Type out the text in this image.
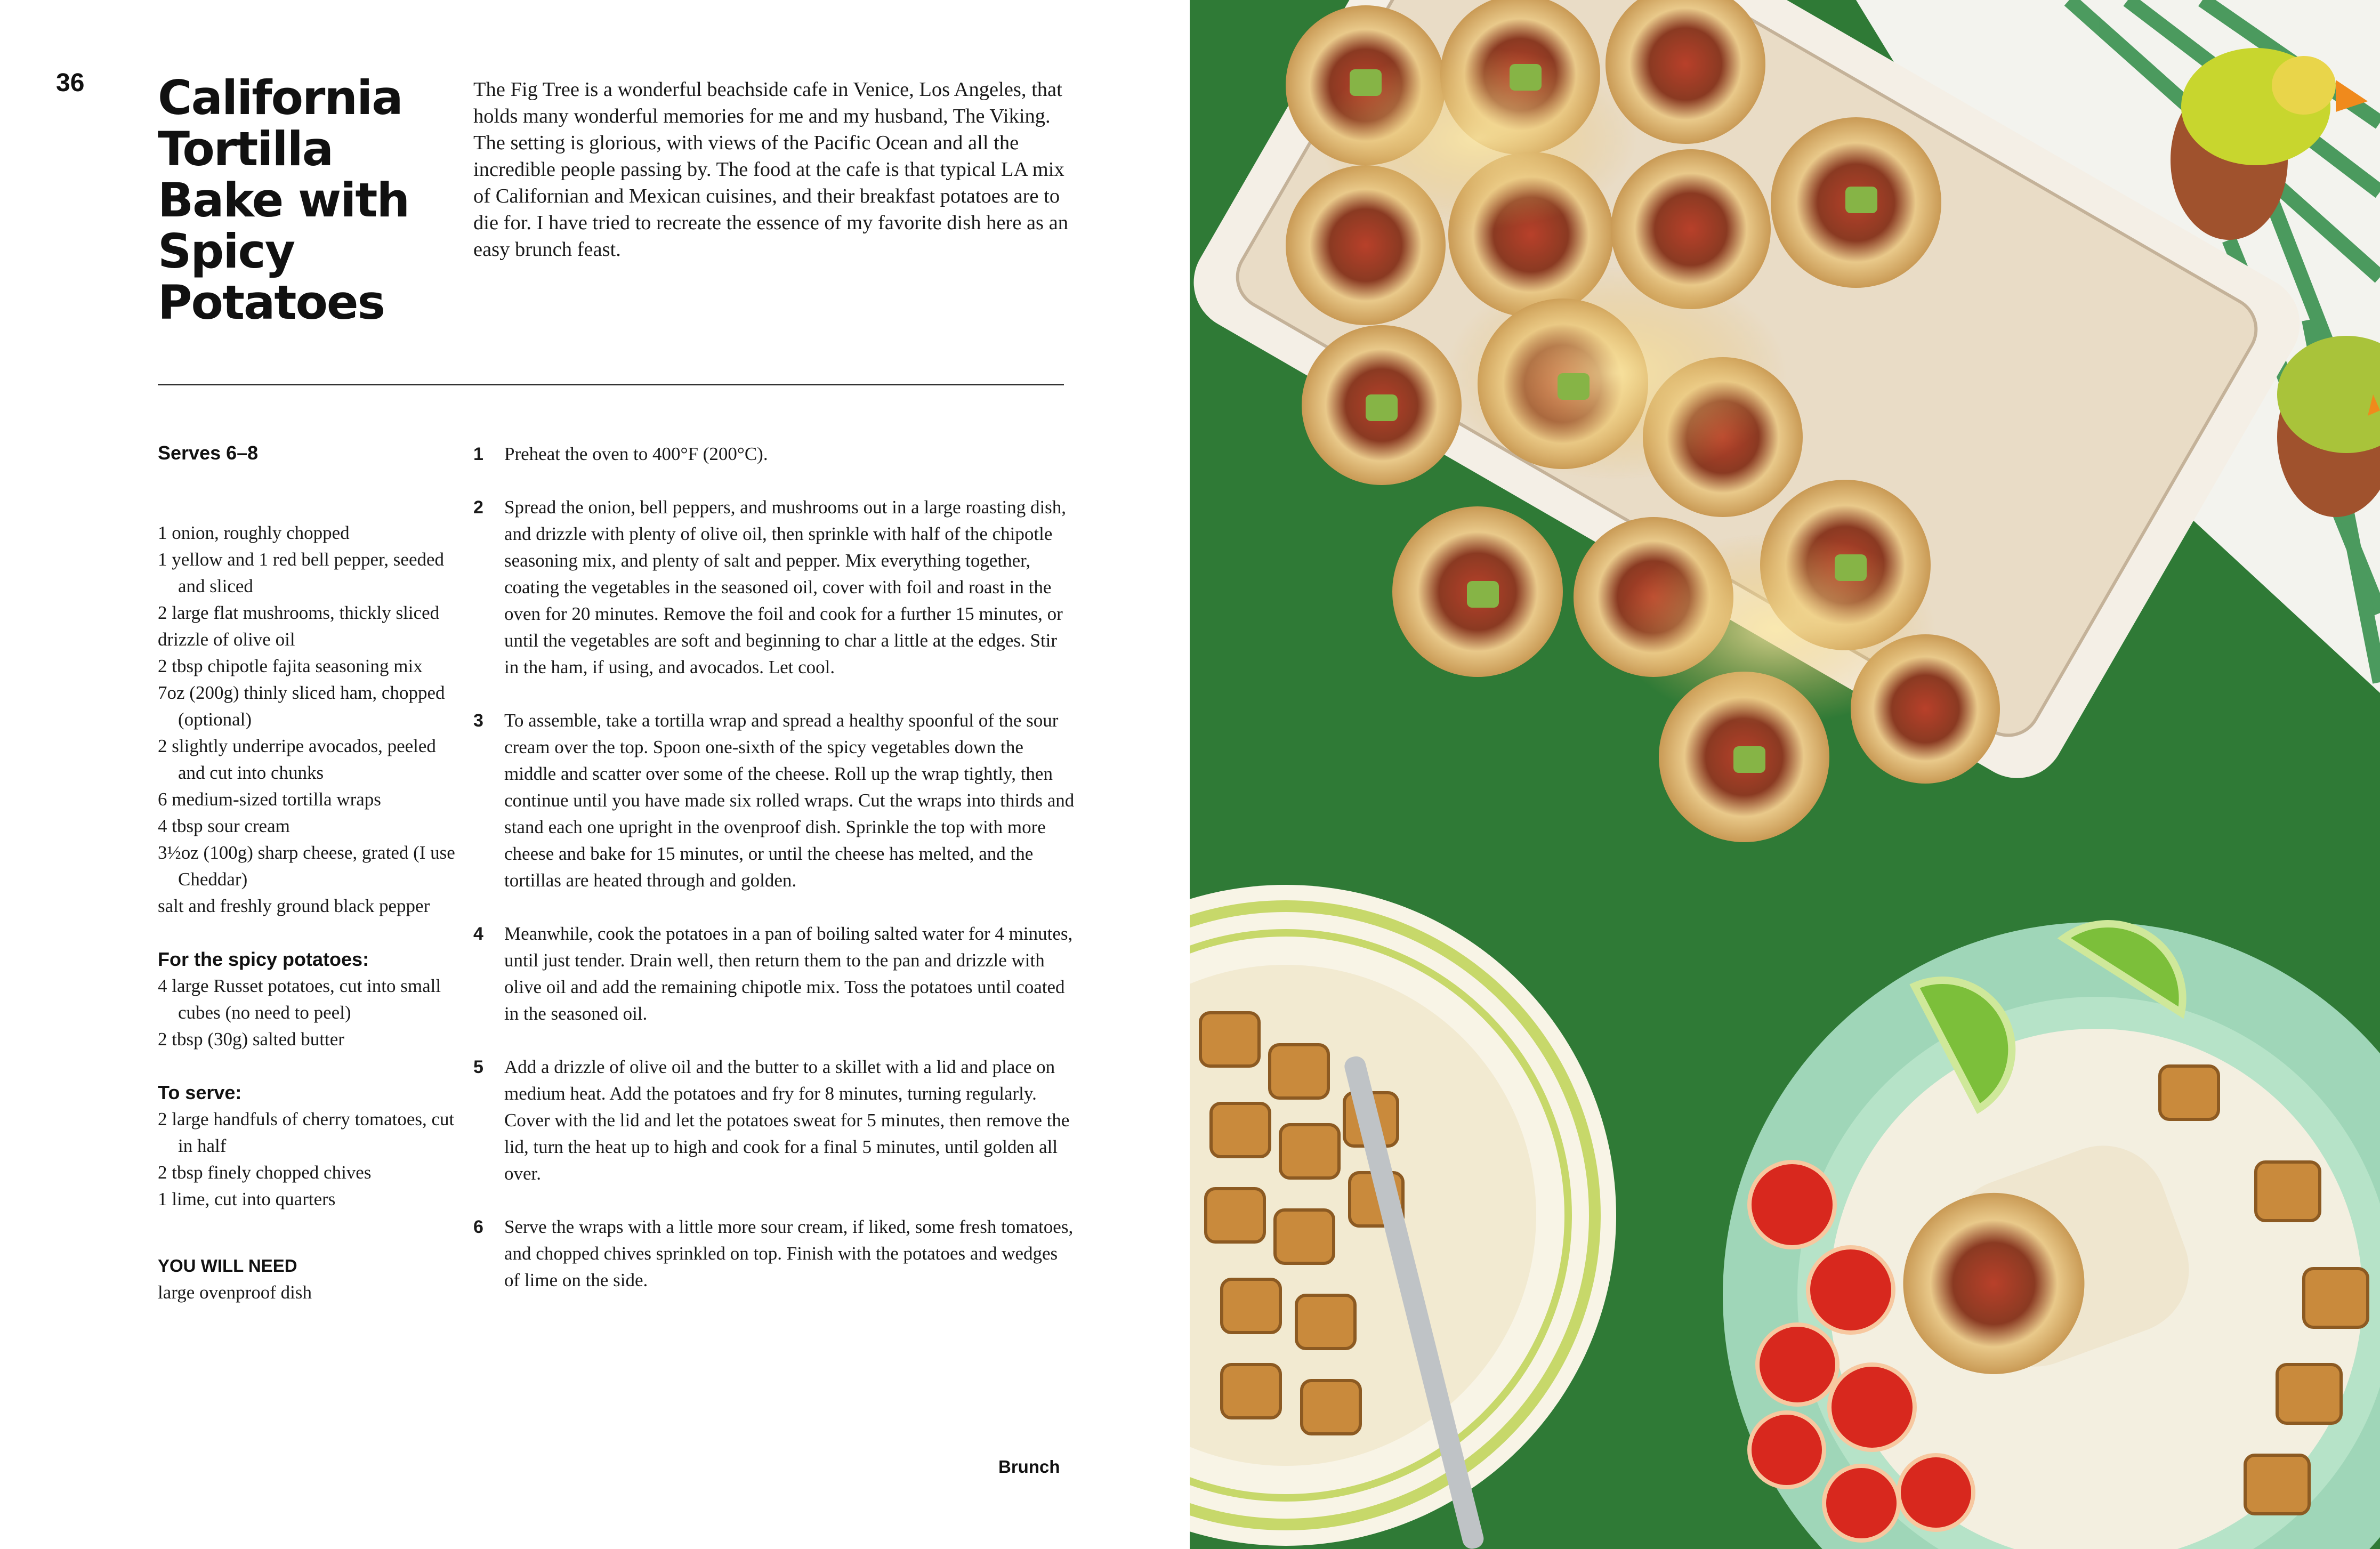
36 California Tortilla Bake with Spicy Potatoes

The Fig Tree is a wonderful beachside cafe in Venice, Los Angeles, that holds many wonderful memories for me and my husband, The Viking. The setting is glorious, with views of the Pacific Ocean and all the incredible people passing by. The food at the cafe is that typical LA mix of Californian and Mexican cuisines, and their breakfast potatoes are to die for. I have tried to recreate the essence of my favorite dish here as an easy brunch feast.

Serves 6–8
1 onion, roughly chopped
1 yellow and 1 red bell pepper, seeded and sliced
2 large flat mushrooms, thickly sliced
drizzle of olive oil
2 tbsp chipotle fajita seasoning mix
7oz (200g) thinly sliced ham, chopped (optional)
2 slightly underripe avocados, peeled and cut into chunks
6 medium-sized tortilla wraps
4 tbsp sour cream
3½oz (100g) sharp cheese, grated (I use Cheddar)
salt and freshly ground black pepper
For the spicy potatoes:
4 large Russet potatoes, cut into small cubes (no need to peel)
2 tbsp (30g) salted butter
To serve:
2 large handfuls of cherry tomatoes, cut in half
2 tbsp finely chopped chives
1 lime, cut into quarters
YOU WILL NEED
large ovenproof dish
1 Preheat the oven to 400°F (200°C).
2 Spread the onion, bell peppers, and mushrooms out in a large roasting dish, and drizzle with plenty of olive oil, then sprinkle with half of the chipotle seasoning mix, and plenty of salt and pepper. Mix everything together, coating the vegetables in the seasoned oil, cover with foil and roast in the oven for 20 minutes. Remove the foil and cook for a further 15 minutes, or until the vegetables are soft and beginning to char a little at the edges. Stir in the ham, if using, and avocados. Let cool.
3 To assemble, take a tortilla wrap and spread a healthy spoonful of the sour cream over the top. Spoon one-sixth of the spicy vegetables down the middle and scatter over some of the cheese. Roll up the wrap tightly, then continue until you have made six rolled wraps. Cut the wraps into thirds and stand each one upright in the ovenproof dish. Sprinkle the top with more cheese and bake for 15 minutes, or until the cheese has melted, and the tortillas are heated through and golden.
4 Meanwhile, cook the potatoes in a pan of boiling salted water for 4 minutes, until just tender. Drain well, then return them to the pan and drizzle with olive oil and add the remaining chipotle mix. Toss the potatoes until coated in the seasoned oil.
5 Add a drizzle of olive oil and the butter to a skillet with a lid and place on medium heat. Add the potatoes and fry for 8 minutes, turning regularly. Cover with the lid and let the potatoes sweat for 5 minutes, then remove the lid, turn the heat up to high and cook for a final 5 minutes, until golden all over.
6 Serve the wraps with a little more sour cream, if liked, some fresh tomatoes, and chopped chives sprinkled on top. Finish with the potatoes and wedges of lime on the side.
Brunch
